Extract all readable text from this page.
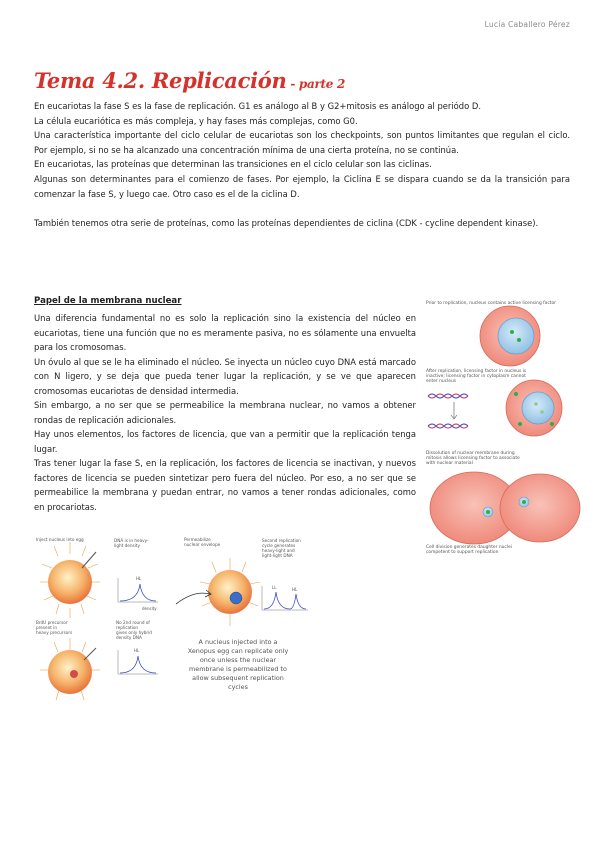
Lucía Caballero Pérez
Tema 4.2. Replicación - parte 2

En eucariotas la fase S es la fase de replicación. G1 es análogo al B y G2+mitosis es análogo al periódo D.

La célula eucariótica es más compleja, y hay fases más complejas, como G0.

Una característica importante del ciclo celular de eucariotas son los checkpoints, son puntos limitantes que regulan el ciclo. Por ejemplo, si no se ha alcanzado una concentración mínima de una cierta proteína, no se continúa.

En eucariotas, las proteínas que determinan las transiciones en el ciclo celular son las ciclinas.

Algunas son determinantes para el comienzo de fases. Por ejemplo, la Ciclina E se dispara cuando se da la transición para comenzar la fase S, y luego cae. Otro caso es el de la ciclina D.

También tenemos otra serie de proteínas, como las proteínas dependientes de ciclina (CDK - cycline dependent kinase).

Papel de la membrana nuclear

Una diferencia fundamental no es solo la replicación sino la existencia del núcleo en eucariotas, tiene una función que no es meramente pasiva, no es sólamente una envuelta para los cromosomas.

Un óvulo al que se le ha eliminado el núcleo. Se inyecta un núcleo cuyo DNA está marcado con N ligero, y se deja que pueda tener lugar la replicación, y se ve que aparecen cromosomas eucariotas de densidad intermedia.

Sin embargo, a no ser que se permeabilice la membrana nuclear, no vamos a obtener rondas de replicación adicionales.

Hay unos elementos, los factores de licencia, que van a permitir que la replicación tenga lugar.

Tras tener lugar la fase S, en la replicación, los factores de licencia se inactivan, y nuevos factores de licencia se pueden sintetizar pero fuera del núcleo. Por eso, a no ser que se permeabilice la membrana y puedan entrar, no vamos a tener rondas adicionales, como en procariotas.

Prior to replication, nucleus contains active licensing factor
After replication, licensing factor in nucleus is
inactive; licensing factor in cytoplasm cannot
enter nucleus
Dissolution of nuclear membrane during
mitosis allows licensing factor to associate
with nuclear material
Cell division generates daughter nuclei
competent to support replication
Inject nucleus into egg
HL
DNA is in heavy-
light density
Permeabilize
nuclear envelope
LL	HL
Second replication
cycle generates
heavy-light and
light-light DNA
density
BrdU precursor
present in
heavy precursors
HL
No 2nd round of
replication
gives only hybrid
density DNA
A nucleus injected into a
Xenopus egg can replicate only
once unless the nuclear
membrane is permeabilized to
allow subsequent replication
cycles
